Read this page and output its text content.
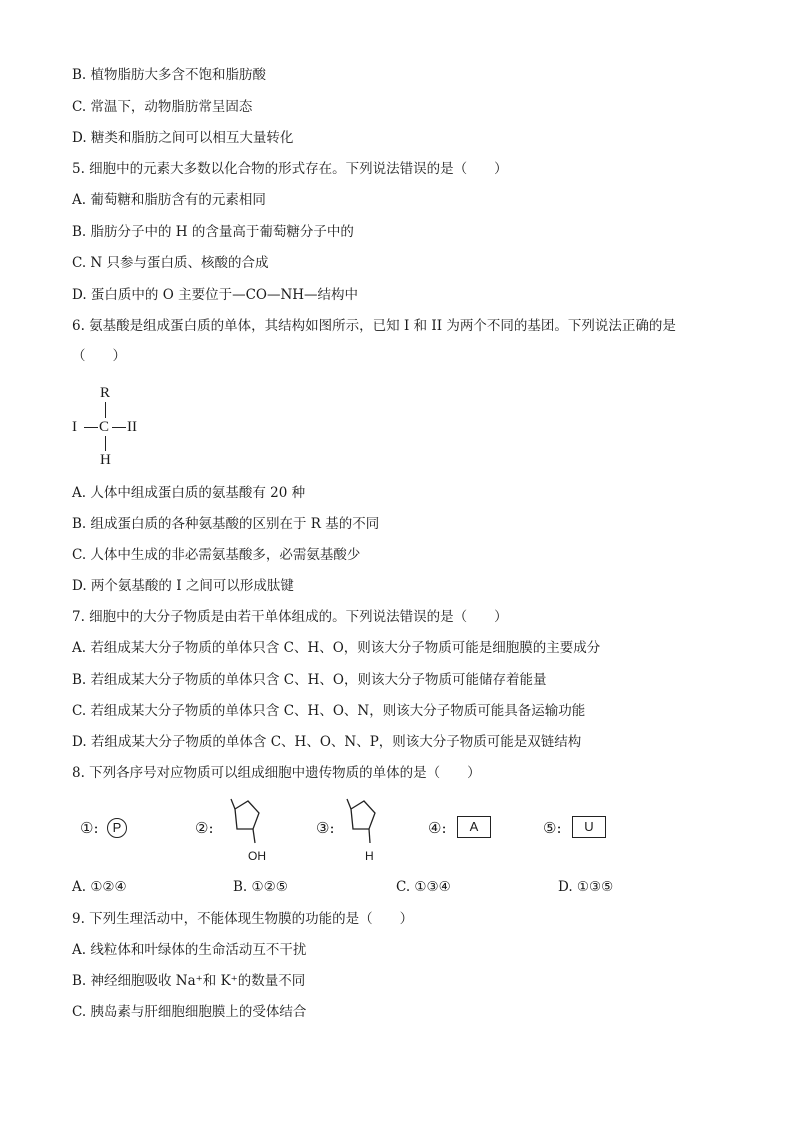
B. 植物脂肪大多含不饱和脂肪酸
C. 常温下，动物脂肪常呈固态
D. 糖类和脂肪之间可以相互大量转化
5. 细胞中的元素大多数以化合物的形式存在。下列说法错误的是（　　）
A. 葡萄糖和脂肪含有的元素相同
B. 脂肪分子中的 H 的含量高于葡萄糖分子中的
C. N 只参与蛋白质、核酸的合成
D. 蛋白质中的 O 主要位于—CO—NH—结构中
6. 氨基酸是组成蛋白质的单体，其结构如图所示，已知 I 和 II 为两个不同的基团。下列说法正确的是
（　　）
R
I C II
H
A. 人体中组成蛋白质的氨基酸有 20 种
B. 组成蛋白质的各种氨基酸的区别在于 R 基的不同
C. 人体中生成的非必需氨基酸多，必需氨基酸少
D. 两个氨基酸的 I 之间可以形成肽键
7. 细胞中的大分子物质是由若干单体组成的。下列说法错误的是（　　）
A. 若组成某大分子物质的单体只含 C、H、O，则该大分子物质可能是细胞膜的主要成分
B. 若组成某大分子物质的单体只含 C、H、O，则该大分子物质可能储存着能量
C. 若组成某大分子物质的单体只含 C、H、O、N，则该大分子物质可能具备运输功能
D. 若组成某大分子物质的单体含 C、H、O、N、P，则该大分子物质可能是双链结构
8. 下列各序号对应物质可以组成细胞中遗传物质的单体的是（　　）
①:	P	②:
OH
③:
H
④:	A	⑤:	U
A. ①②④	B. ①②⑤	C. ①③④	D. ①③⑤
9. 下列生理活动中，不能体现生物膜的功能的是（　　）
A. 线粒体和叶绿体的生命活动互不干扰
B. 神经细胞吸收 Na⁺和 K⁺的数量不同
C. 胰岛素与肝细胞细胞膜上的受体结合
